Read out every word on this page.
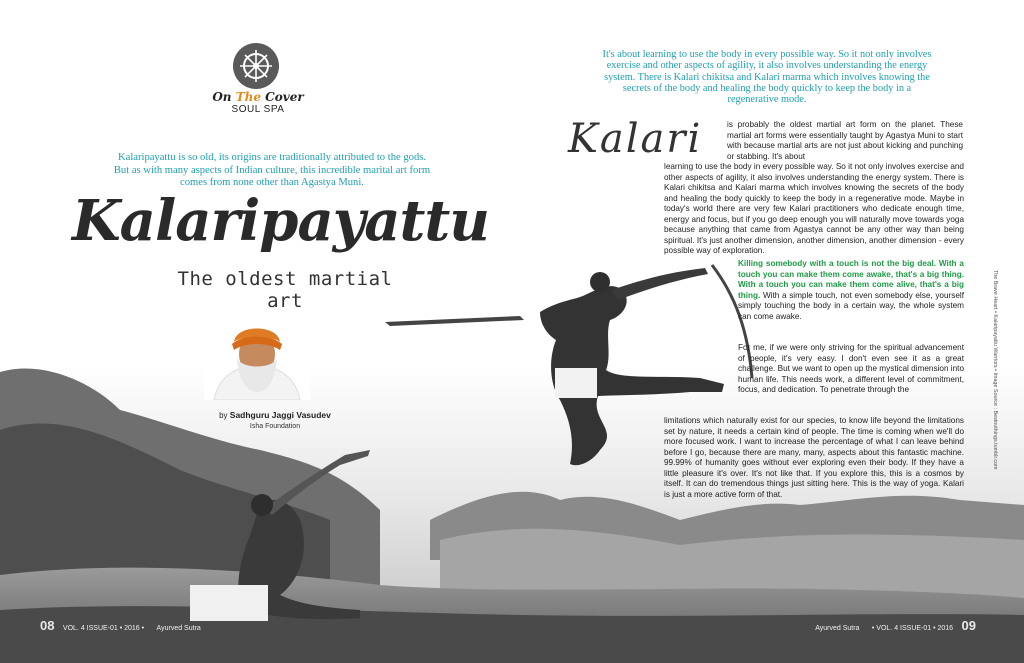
On The Cover
SOUL SPA

Kalaripayattu is so old, its origins are traditionally attributed to the gods. But as with many aspects of Indian culture, this incredible marital art form comes from none other than Agastya Muni.

Kalaripayattu
The oldest martial art
by Sadhguru Jaggi Vasudev
Isha Foundation

It's about learning to use the body in every possible way. So it not only involves exercise and other aspects of agility, it also involves understanding the energy system. There is Kalari chikitsa and Kalari marma which involves knowing the secrets of the body and healing the body quickly to keep the body in a regenerative mode.

Kalari	is probably the oldest martial art form on the planet. These martial art forms were essentially taught by Agastya Muni to start with because martial arts are not just about kicking and punching or stabbing. It's about

learning to use the body in every possible way. So it not only involves exercise and other aspects of agility, it also involves understanding the energy system. There is Kalari chikitsa and Kalari marma which involves knowing the secrets of the body and healing the body quickly to keep the body in a regenerative mode. Maybe in today's world there are very few Kalari practitioners who dedicate enough time, energy and focus, but if you go deep enough you will naturally move towards yoga because anything that came from Agastya cannot be any other way than being spiritual. It's just another dimension, another dimension, another dimension - every possible way of exploration.

Killing somebody with a touch is not the big deal. With a touch you can make them come awake, that's a big thing. With a touch you can make them come alive, that's a big thing. With a simple touch, not even somebody else, yourself simply touching the body in a certain way, the whole system can come awake.

For me, if we were only striving for the spiritual advancement of people, it's very easy. I don't even see it as a great challenge. But we want to open up the mystical dimension into human life. This needs work, a different level of commitment, focus, and dedication. To penetrate through the

limitations which naturally exist for our species, to know life beyond the limitations set by nature, it needs a certain kind of people. The time is coming when we'll do more focused work. I want to increase the percentage of what I can leave behind before I go, because there are many, many, aspects about this fantastic machine. 99.99% of humanity goes without ever exploring even their body. If they have a little pleasure it's over. It's not like that. If you explore this, this is a cosmos by itself. It can do tremendous things just sitting here. This is the way of yoga. Kalari is just a more active form of that.

The Brave Heart • Kalaripayattu Warriors • Image Source : Bestnuthings.tumblr.com
08 VOL. 4 ISSUE-01 • 2016 • Ayurved Sutra	Ayurved Sutra • VOL. 4 ISSUE-01 • 2016 09
